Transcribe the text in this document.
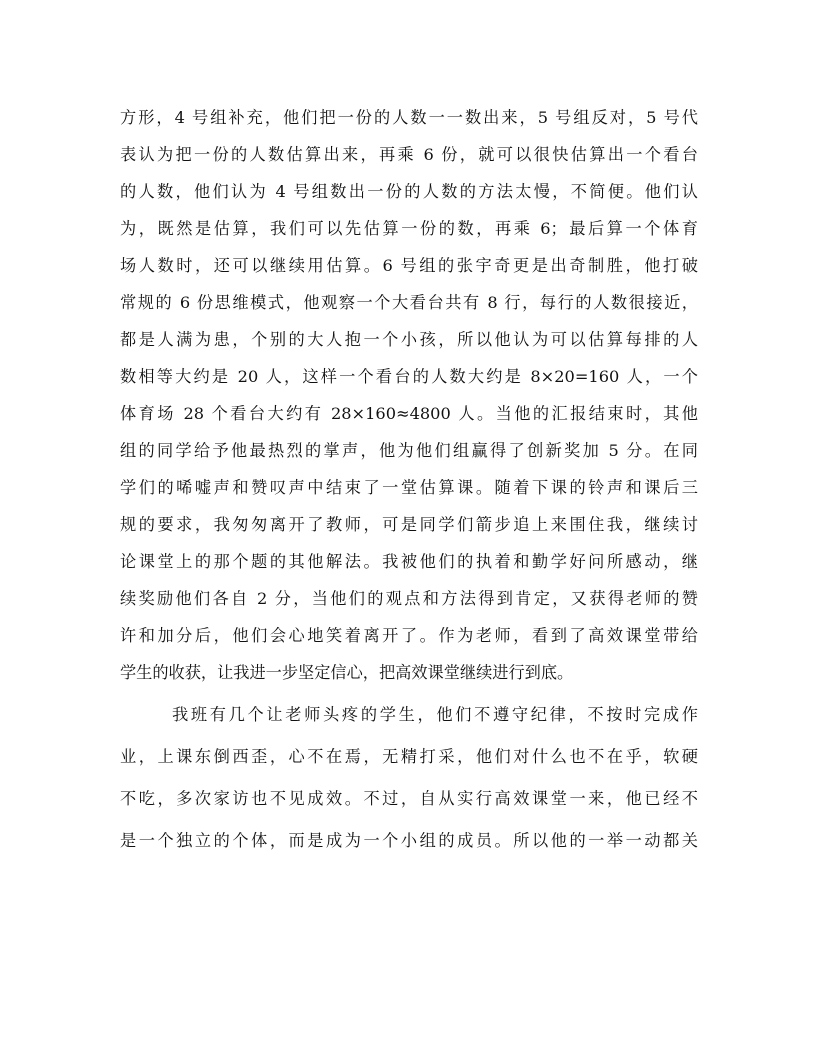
方形，4 号组补充，他们把一份的人数一一数出来，5 号组反对，5 号代
表认为把一份的人数估算出来，再乘 6 份，就可以很快估算出一个看台
的人数，他们认为 4 号组数出一份的人数的方法太慢，不简便。他们认
为，既然是估算，我们可以先估算一份的数，再乘 6；最后算一个体育
场人数时，还可以继续用估算。6 号组的张宇奇更是出奇制胜，他打破
常规的 6 份思维模式，他观察一个大看台共有 8 行，每行的人数很接近，
都是人满为患，个别的大人抱一个小孩，所以他认为可以估算每排的人
数相等大约是 20 人，这样一个看台的人数大约是 8×20=160 人，一个
体育场 28 个看台大约有 28×160≈4800 人。当他的汇报结束时，其他
组的同学给予他最热烈的掌声，他为他们组赢得了创新奖加 5 分。在同
学们的唏嘘声和赞叹声中结束了一堂估算课。随着下课的铃声和课后三
规的要求，我匆匆离开了教师，可是同学们箭步追上来围住我，继续讨
论课堂上的那个题的其他解法。我被他们的执着和勤学好问所感动，继
续奖励他们各自 2 分，当他们的观点和方法得到肯定，又获得老师的赞
许和加分后，他们会心地笑着离开了。作为老师，看到了高效课堂带给
学生的收获，让我进一步坚定信心，把高效课堂继续进行到底。
我班有几个让老师头疼的学生，他们不遵守纪律，不按时完成作
业，上课东倒西歪，心不在焉，无精打采，他们对什么也不在乎，软硬
不吃，多次家访也不见成效。不过，自从实行高效课堂一来，他已经不
是一个独立的个体，而是成为一个小组的成员。所以他的一举一动都关
